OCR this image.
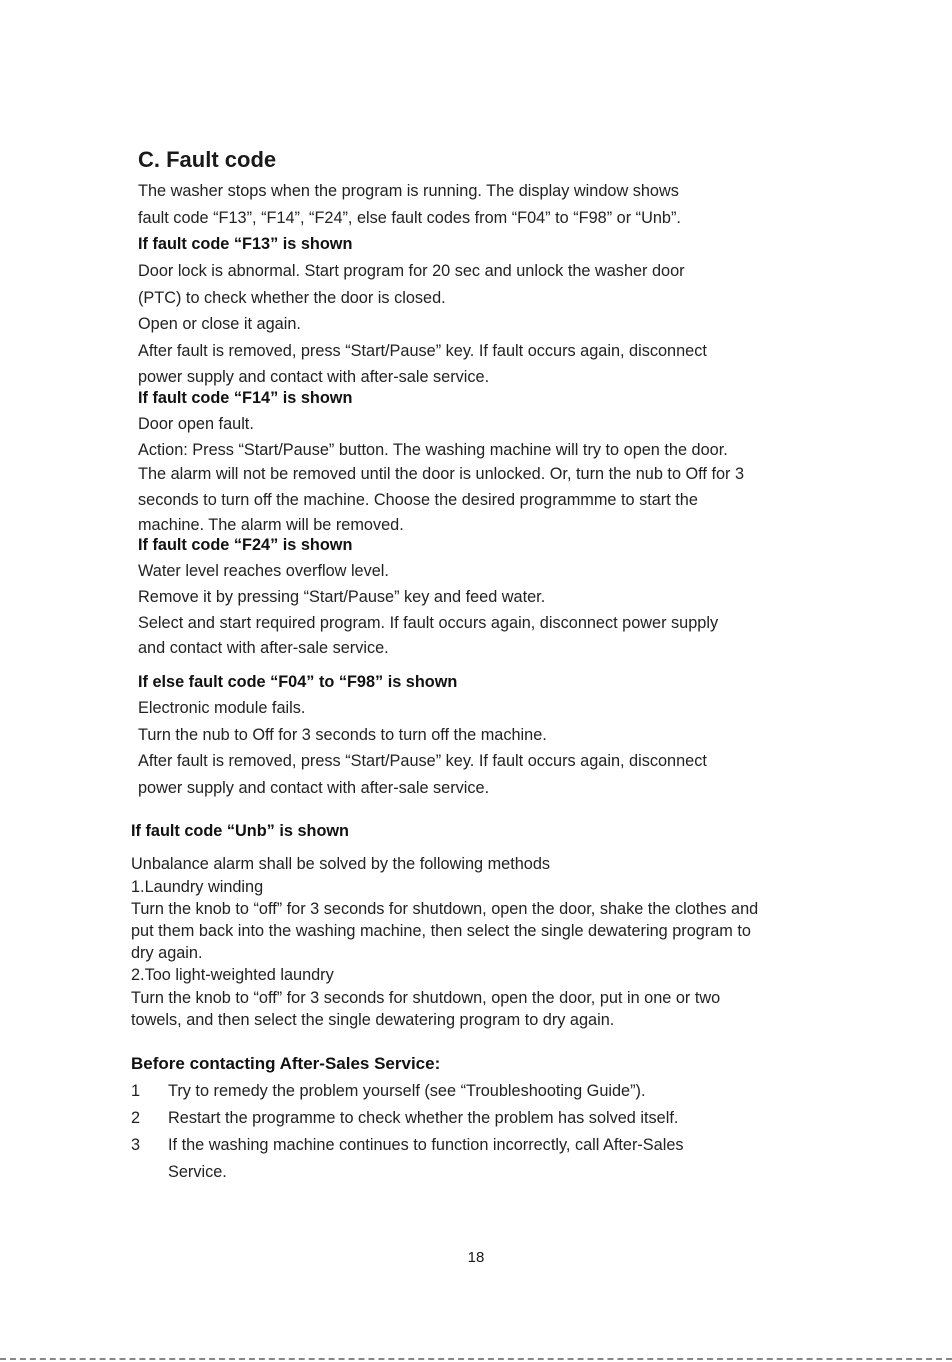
C. Fault code

The washer stops when the program is running. The display window shows

fault code “F13”, “F14”, “F24”, else fault codes from “F04” to “F98” or “Unb”.

If fault code “F13” is shown

Door lock is abnormal. Start program for 20 sec and unlock the washer door

(PTC) to check whether the door is closed.

Open or close it again.

After fault is removed, press “Start/Pause” key. If fault occurs again, disconnect

power supply and contact with after-sale service.

If fault code “F14” is shown

Door open fault.

Action: Press “Start/Pause” button. The washing machine will try to open the door.

The alarm will not be removed until the door is unlocked. Or, turn the nub to Off for 3

seconds to turn off the machine. Choose the desired programmme to start the

machine. The alarm will be removed.

If fault code “F24” is shown

Water level reaches overflow level.

Remove it by pressing “Start/Pause” key and feed water.

Select and start required program. If fault occurs again, disconnect power supply

and contact with after-sale service.

If else fault code “F04” to “F98” is shown

Electronic module fails.

Turn the nub to Off for 3 seconds to turn off the machine.

After fault is removed, press “Start/Pause” key. If fault occurs again, disconnect

power supply and contact with after-sale service.

If fault code “Unb” is shown

Unbalance alarm shall be solved by the following methods

1.Laundry winding

Turn the knob to “off” for 3 seconds for shutdown, open the door, shake the clothes and

put them back into the washing machine, then select the single dewatering program to

dry again.

2.Too light-weighted laundry

Turn the knob to “off” for 3 seconds for shutdown, open the door, put in one or two

towels, and then select the single dewatering program to dry again.

Before contacting After-Sales Service:

1 Try to remedy the problem yourself (see “Troubleshooting Guide”).

2 Restart the programme to check whether the problem has solved itself.

3 If the washing machine continues to function incorrectly, call After-Sales

Service.

18
